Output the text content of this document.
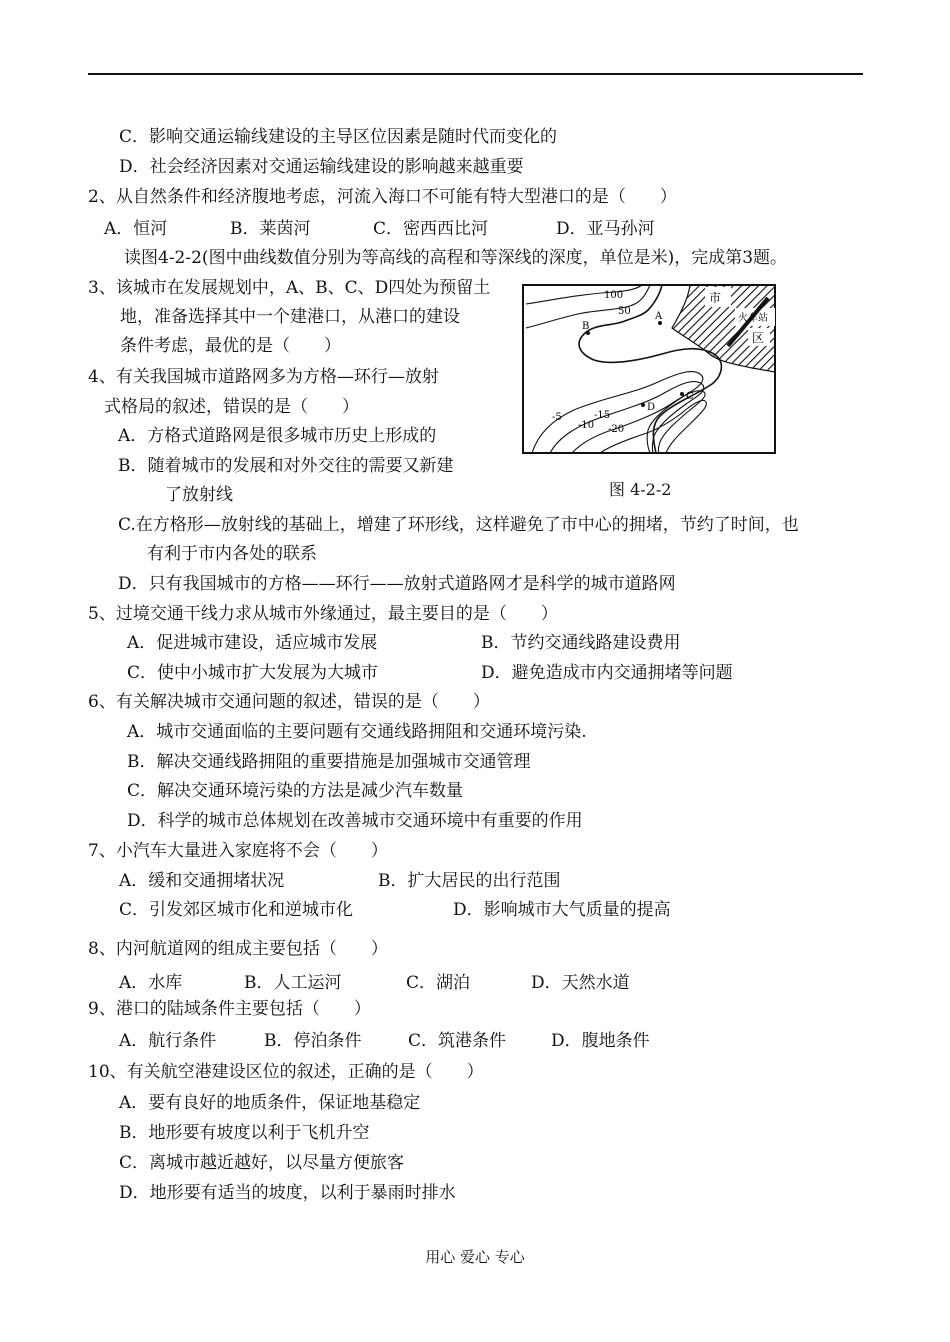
C．影响交通运输线建设的主导区位因素是随时代而变化的
D．社会经济因素对交通运输线建设的影响越来越重要
2、从自然条件和经济腹地考虑，河流入海口不可能有特大型港口的是（　　）
A．恒河	B．莱茵河	C．密西西比河	D．亚马孙河
读图4-2-2(图中曲线数值分别为等高线的高程和等深线的深度，单位是米)，完成第3题。
3、该城市在发展规划中，A、B、C、D四处为预留土
地，准备选择其中一个建港口，从港口的建设
条件考虑，最优的是（　　）
4、有关我国城市道路网多为方格—环行—放射
式格局的叙述，错误的是（　　）
A．方格式道路网是很多城市历史上形成的
B．随着城市的发展和对外交往的需要又新建
了放射线
C.在方格形—放射线的基础上，增建了环形线，这样避免了市中心的拥堵，节约了时间，也
有利于市内各处的联系
D．只有我国城市的方格——环行——放射式道路网才是科学的城市道路网
5、过境交通干线力求从城市外缘通过，最主要目的是（　　）
A．促进城市建设，适应城市发展	B．节约交通线路建设费用
C．使中小城市扩大发展为大城市	D．避免造成市内交通拥堵等问题
6、有关解决城市交通问题的叙述，错误的是（　　）
A．城市交通面临的主要问题有交通线路拥阻和交通环境污染.
B．解决交通线路拥阻的重要措施是加强城市交通管理
C．解决交通环境污染的方法是减少汽车数量
D．科学的城市总体规划在改善城市交通环境中有重要的作用
7、小汽车大量进入家庭将不会（　　）
A．缓和交通拥堵状况	B．扩大居民的出行范围
C．引发郊区城市化和逆城市化	D．影响城市大气质量的提高
8、内河航道网的组成主要包括（　　）
A．水库	B．人工运河	C．湖泊	D．天然水道
9、港口的陆域条件主要包括（　　）
A．航行条件	B．停泊条件	C．筑港条件	D．腹地条件
10、有关航空港建设区位的叙述，正确的是（　　）
A．要有良好的地质条件，保证地基稳定
B．地形要有坡度以利于飞机升空
C．离城市越近越好，以尽量方便旅客
D．地形要有适当的坡度，以利于暴雨时排水
100
50
-5
-10
-15
-20
A
B
C
D
市
火车站
区
图 4-2-2
用心 爱心 专心
